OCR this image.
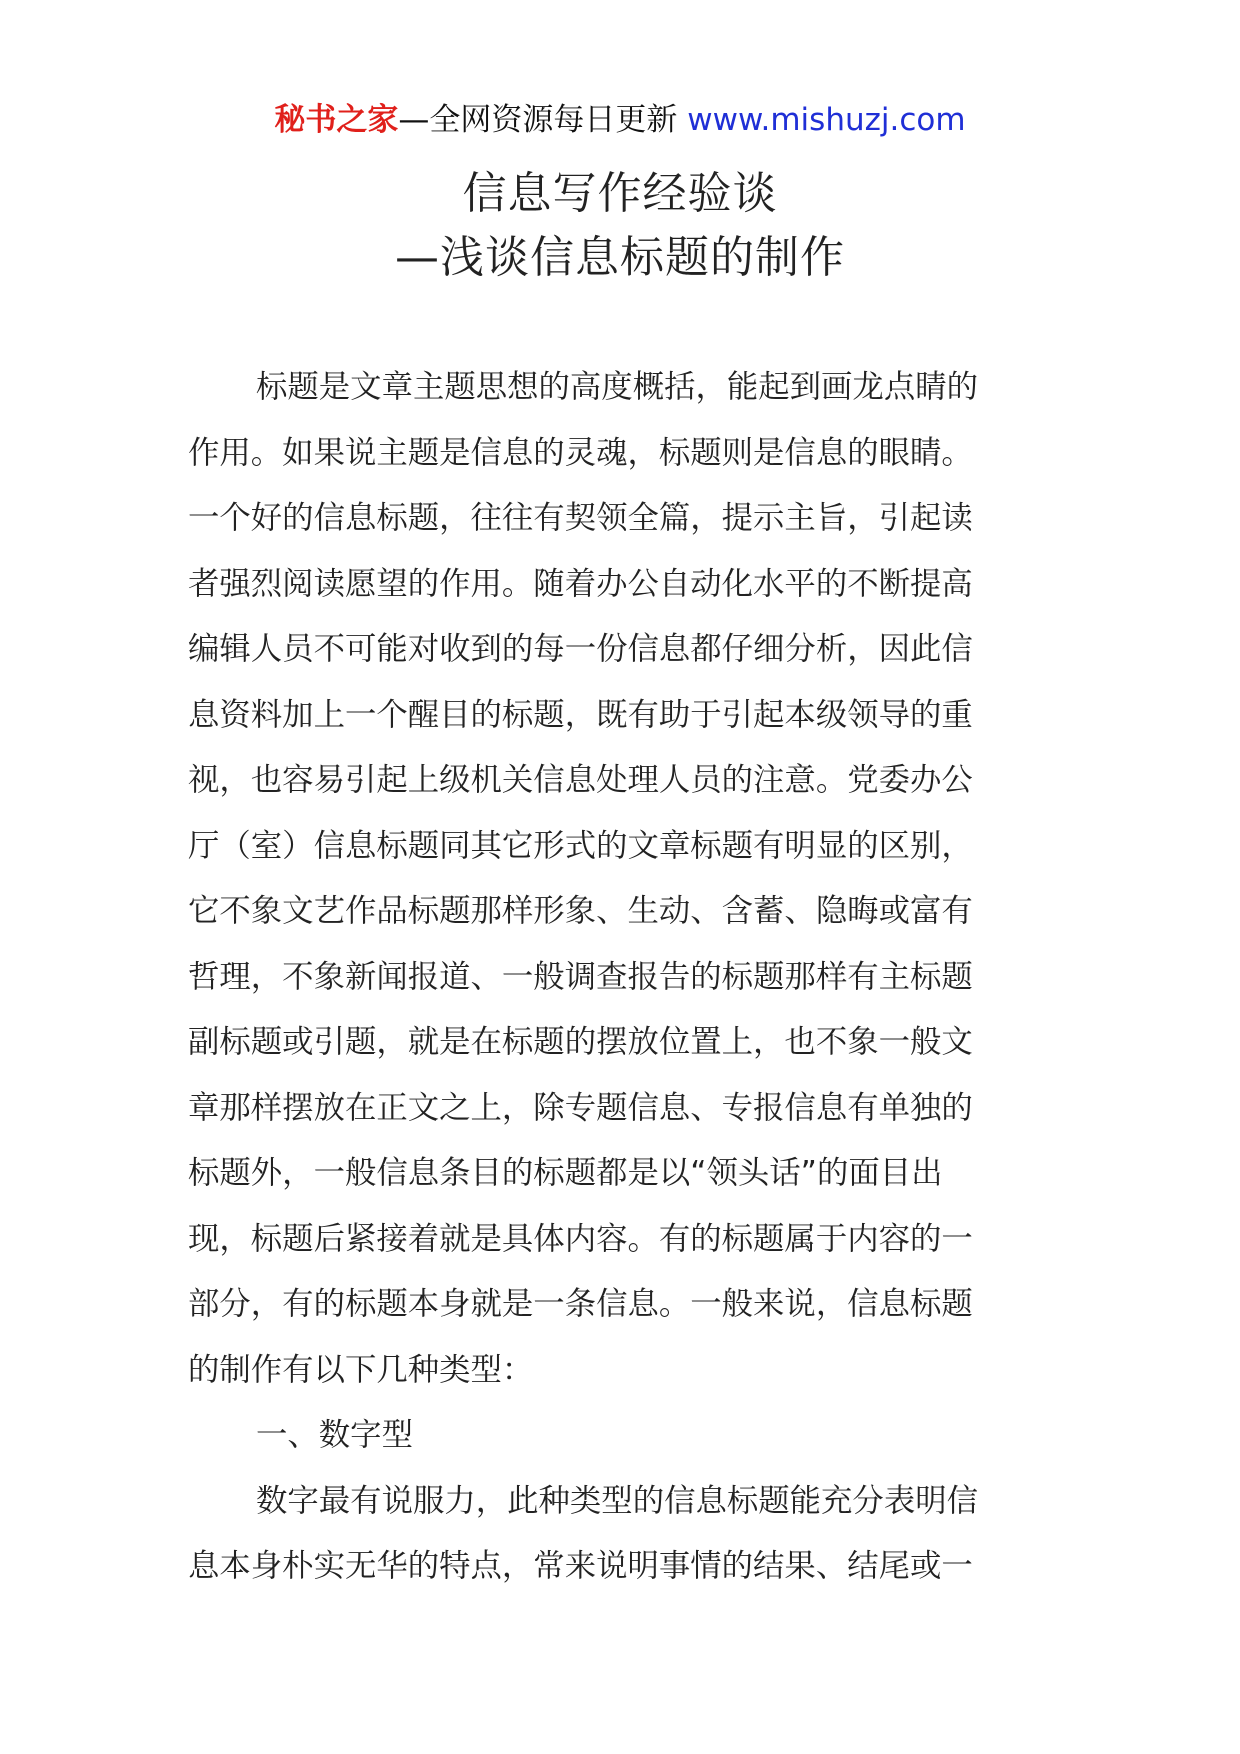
秘书之家—全网资源每日更新 www.mishuzj.com
信息写作经验谈
—浅谈信息标题的制作
标题是文章主题思想的高度概括，能起到画龙点睛的
作用。如果说主题是信息的灵魂，标题则是信息的眼睛。
一个好的信息标题，往往有契领全篇，提示主旨，引起读
者强烈阅读愿望的作用。随着办公自动化水平的不断提高
编辑人员不可能对收到的每一份信息都仔细分析，因此信
息资料加上一个醒目的标题，既有助于引起本级领导的重
视，也容易引起上级机关信息处理人员的注意。党委办公
厅（室）信息标题同其它形式的文章标题有明显的区别，
它不象文艺作品标题那样形象、生动、含蓄、隐晦或富有
哲理，不象新闻报道、一般调查报告的标题那样有主标题
副标题或引题，就是在标题的摆放位置上，也不象一般文
章那样摆放在正文之上，除专题信息、专报信息有单独的
标题外，一般信息条目的标题都是以“领头话”的面目出
现，标题后紧接着就是具体内容。有的标题属于内容的一
部分，有的标题本身就是一条信息。一般来说，信息标题
的制作有以下几种类型：
一、数字型
数字最有说服力，此种类型的信息标题能充分表明信
息本身朴实无华的特点，常来说明事情的结果、结尾或一
